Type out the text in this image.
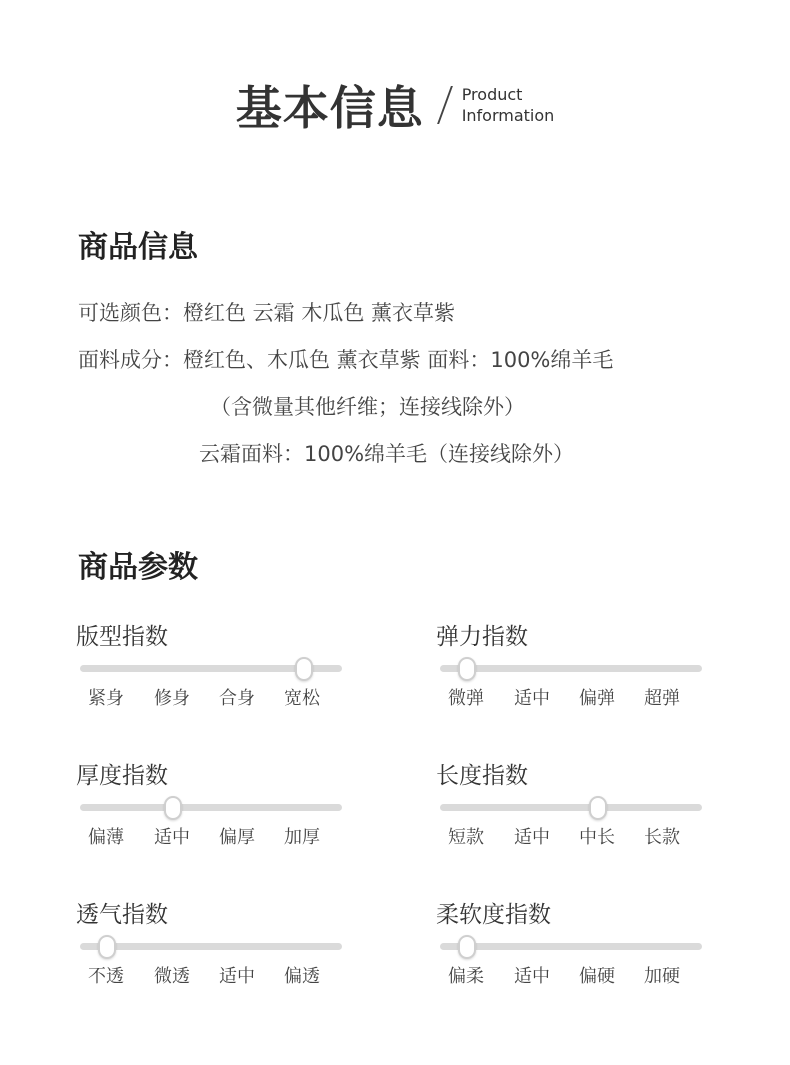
基本信息 Product
Information
商品信息
可选颜色：橙红色 云霜 木瓜色 薰衣草紫
面料成分：橙红色、木瓜色 薰衣草紫 面料：100%绵羊毛
（含微量其他纤维；连接线除外）
云霜面料：100%绵羊毛（连接线除外）
商品参数
版型指数
紧身	修身	合身	宽松
弹力指数
微弹	适中	偏弹	超弹
厚度指数
偏薄	适中	偏厚	加厚
长度指数
短款	适中	中长	长款
透气指数
不透	微透	适中	偏透
柔软度指数
偏柔	适中	偏硬	加硬
